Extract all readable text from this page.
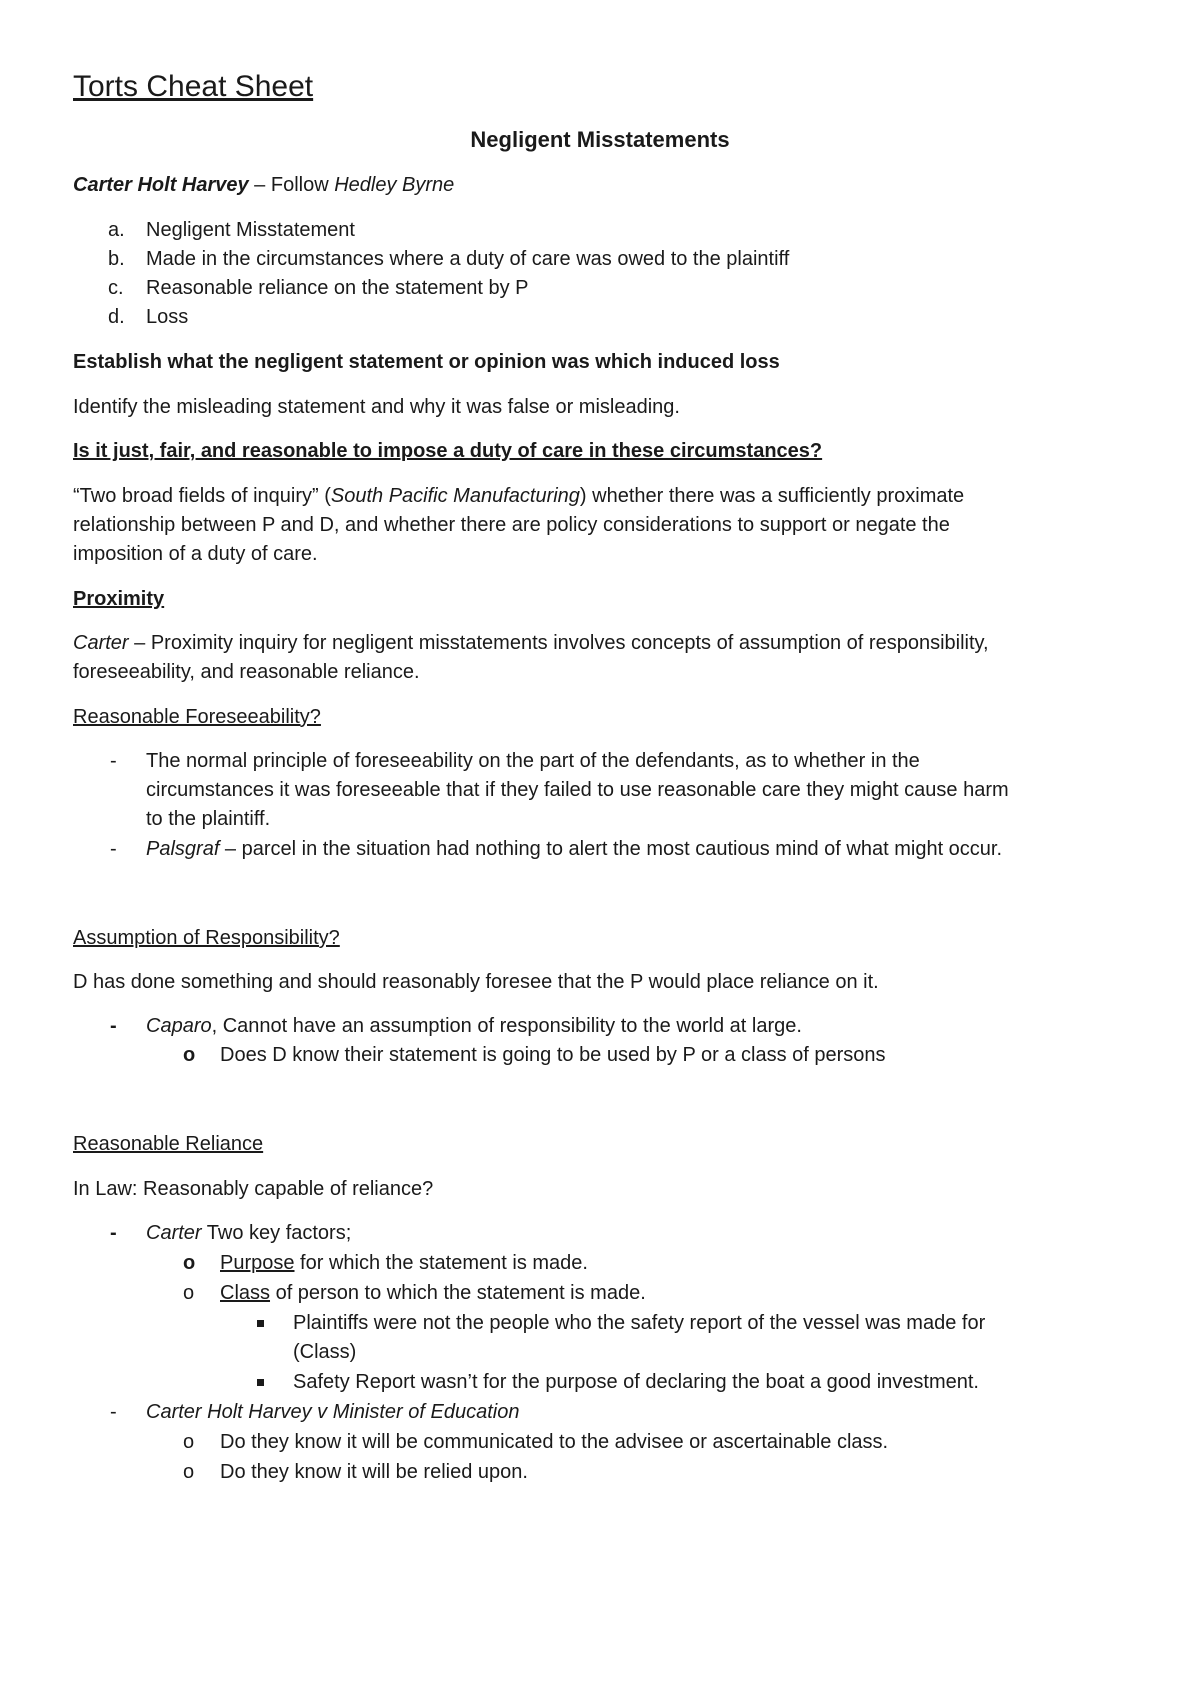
Torts Cheat Sheet
Negligent Misstatements
Carter Holt Harvey – Follow Hedley Byrne
a. Negligent Misstatement
b. Made in the circumstances where a duty of care was owed to the plaintiff
c. Reasonable reliance on the statement by P
d. Loss
Establish what the negligent statement or opinion was which induced loss
Identify the misleading statement and why it was false or misleading.
Is it just, fair, and reasonable to impose a duty of care in these circumstances?
“Two broad fields of inquiry” (South Pacific Manufacturing) whether there was a sufficiently proximate
relationship between P and D, and whether there are policy considerations to support or negate the
imposition of a duty of care.
Proximity
Carter – Proximity inquiry for negligent misstatements involves concepts of assumption of responsibility,
foreseeability, and reasonable reliance.
Reasonable Foreseeability?
- The normal principle of foreseeability on the part of the defendants, as to whether in the
circumstances it was foreseeable that if they failed to use reasonable care they might cause harm
to the plaintiff.
- Palsgraf – parcel in the situation had nothing to alert the most cautious mind of what might occur.
Assumption of Responsibility?
D has done something and should reasonably foresee that the P would place reliance on it.
- Caparo, Cannot have an assumption of responsibility to the world at large.
o Does D know their statement is going to be used by P or a class of persons
Reasonable Reliance
In Law: Reasonably capable of reliance?
- Carter Two key factors;
o Purpose for which the statement is made.
o Class of person to which the statement is made.
Plaintiffs were not the people who the safety report of the vessel was made for
(Class)
Safety Report wasn’t for the purpose of declaring the boat a good investment.
- Carter Holt Harvey v Minister of Education
o Do they know it will be communicated to the advisee or ascertainable class.
o Do they know it will be relied upon.
